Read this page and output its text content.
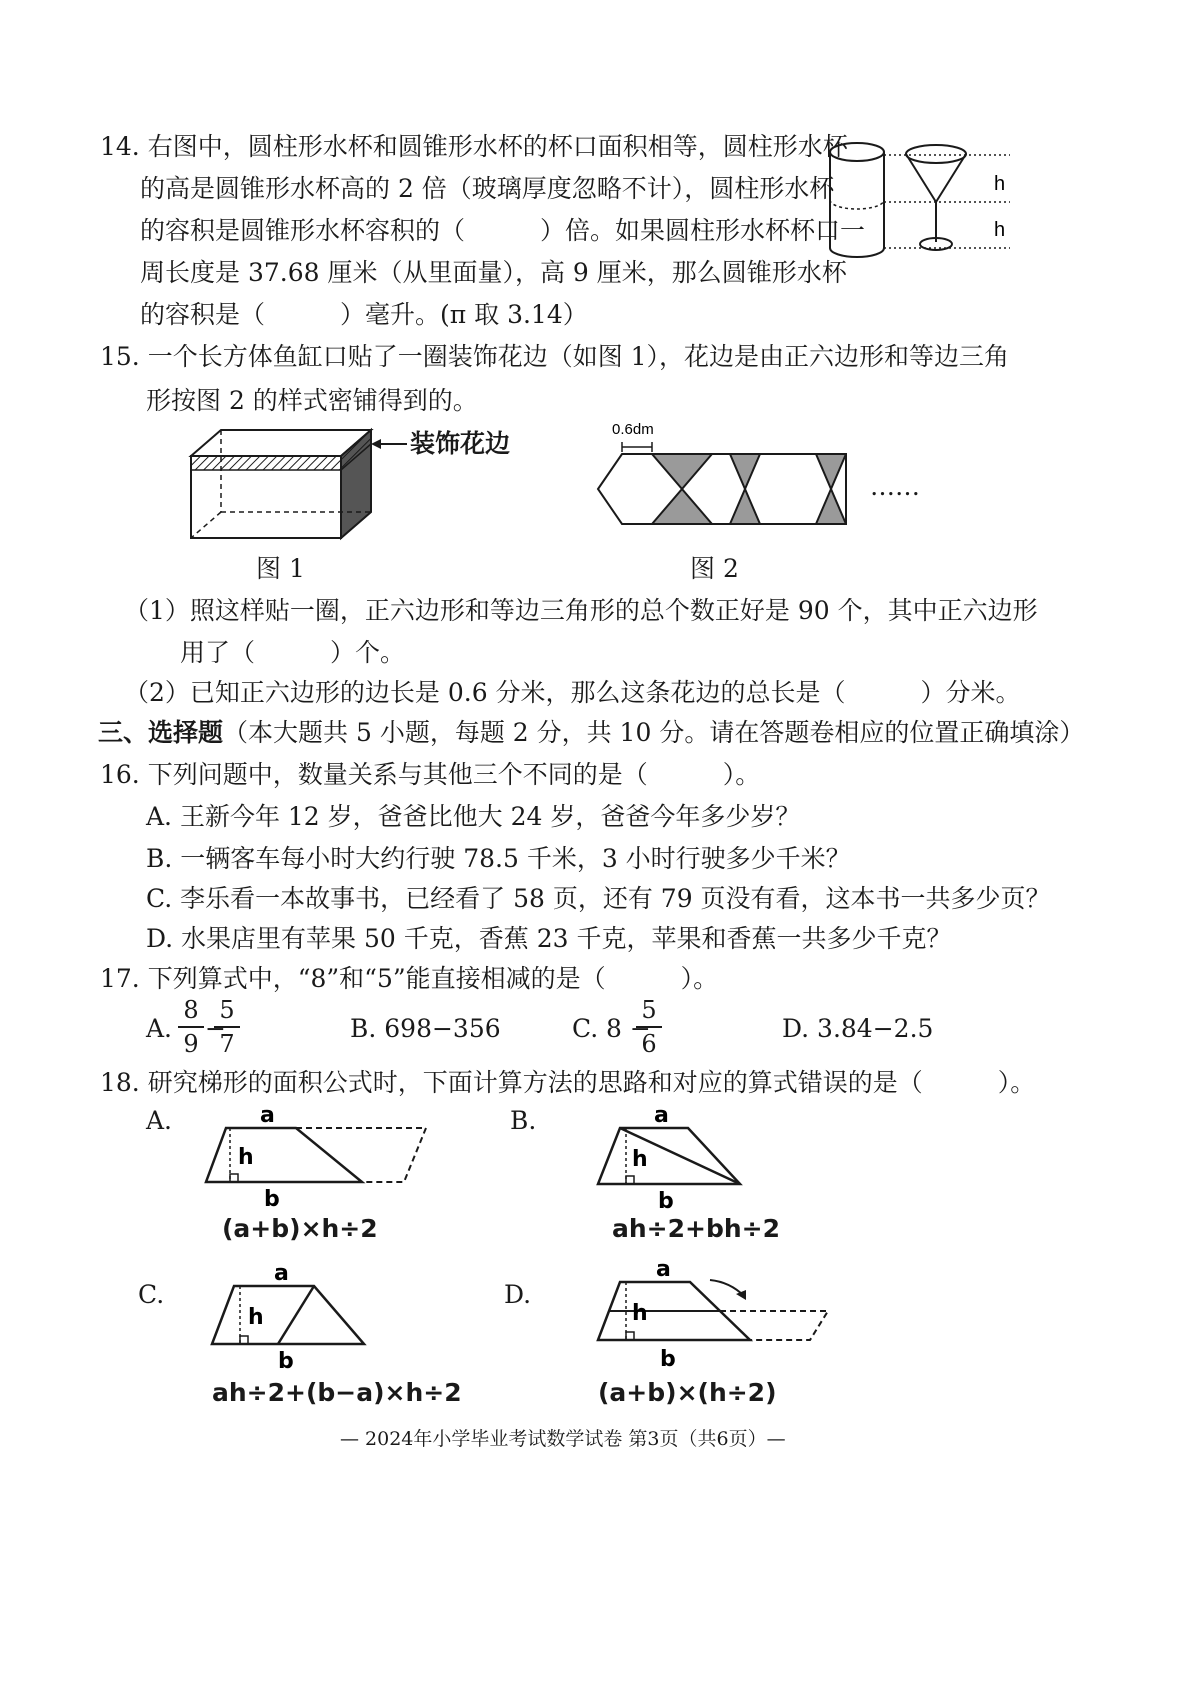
14. 右图中，圆柱形水杯和圆锥形水杯的杯口面积相等，圆柱形水杯
的高是圆锥形水杯高的 2 倍（玻璃厚度忽略不计），圆柱形水杯
的容积是圆锥形水杯容积的（　　　）倍。如果圆柱形水杯杯口一
周长度是 37.68 厘米（从里面量），高 9 厘米，那么圆锥形水杯
的容积是（　　　）毫升。(π 取 3.14）
h
h
15. 一个长方体鱼缸口贴了一圈装饰花边（如图 1），花边是由正六边形和等边三角
形按图 2 的样式密铺得到的。
装饰花边	0.6dm
……
图 1	图 2
（1）照这样贴一圈，正六边形和等边三角形的总个数正好是 90 个，其中正六边形
用了（　　　）个。
（2）已知正六边形的边长是 0.6 分米，那么这条花边的总长是（　　　）分米。
三、选择题（本大题共 5 小题，每题 2 分，共 10 分。请在答题卷相应的位置正确填涂）
16. 下列问题中，数量关系与其他三个不同的是（　　　）。
A. 王新今年 12 岁，爸爸比他大 24 岁，爸爸今年多少岁？
B. 一辆客车每小时大约行驶 78.5 千米，3 小时行驶多少千米？
C. 李乐看一本故事书，已经看了 58 页，还有 79 页没有看，这本书一共多少页？
D. 水果店里有苹果 50 千克，香蕉 23 千克，苹果和香蕉一共多少千克？
17. 下列算式中，“8”和“5”能直接相减的是（　　　）。
A.
8
9
−
5
7
B. 698−356	C. 8 −
5
6
D. 3.84−2.5
18. 研究梯形的面积公式时，下面计算方法的思路和对应的算式错误的是（　　　）。
A.	a
h
b
(a+b)×h÷2
B.	a
h
b
ah÷2+bh÷2
C.
a
h
b
ah÷2+(b−a)×h÷2
D.
a
h
b
(a+b)×(h÷2)
— 2024年小学毕业考试数学试卷 第3页（共6页）—
